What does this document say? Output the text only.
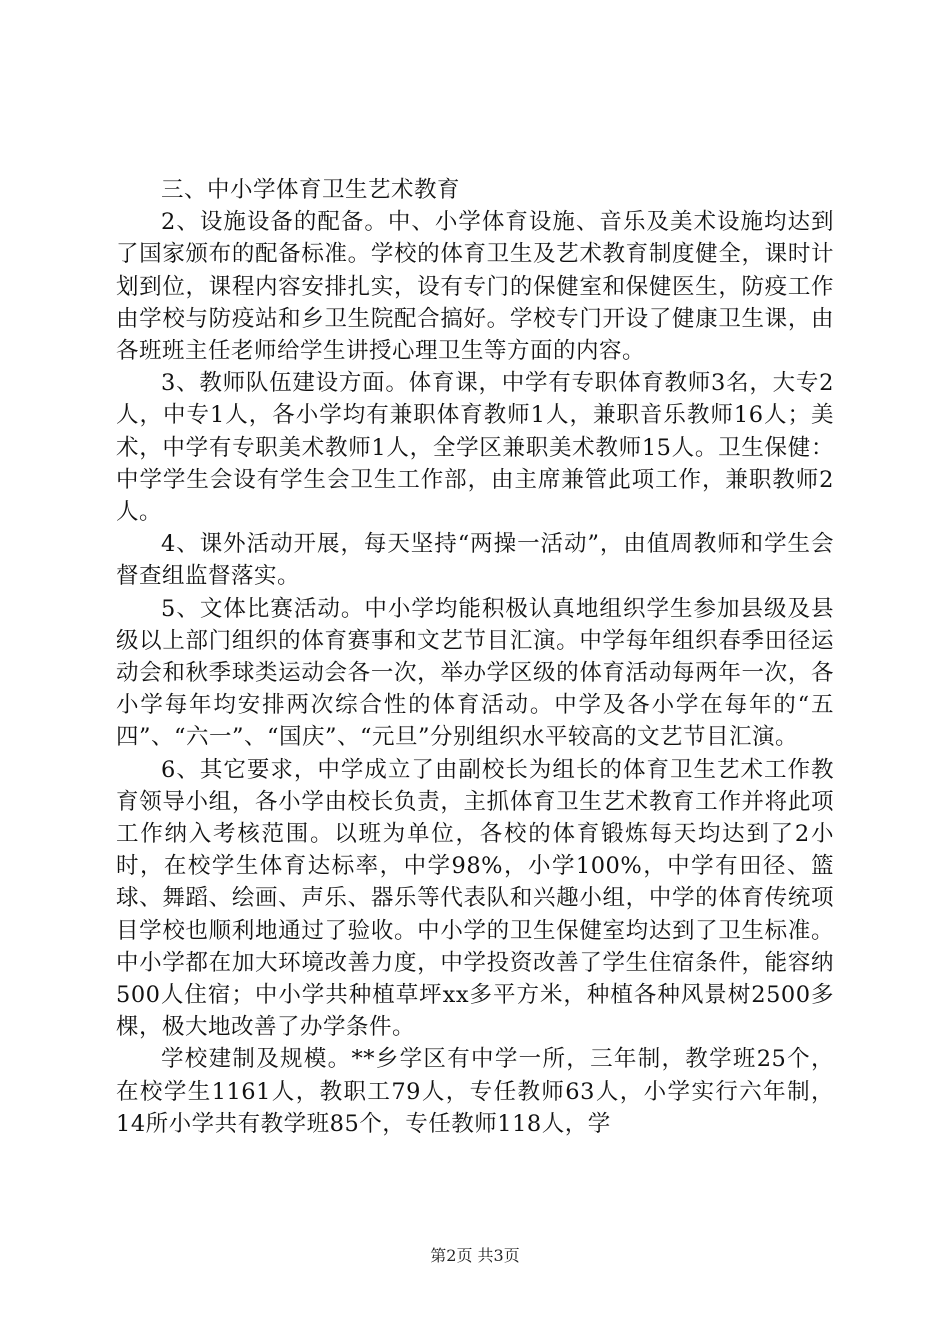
三、中小学体育卫生艺术教育

2、设施设备的配备。中、小学体育设施、音乐及美术设施均达到了国家颁布的配备标准。学校的体育卫生及艺术教育制度健全，课时计划到位，课程内容安排扎实，设有专门的保健室和保健医生，防疫工作由学校与防疫站和乡卫生院配合搞好。学校专门开设了健康卫生课，由各班班主任老师给学生讲授心理卫生等方面的内容。

3、教师队伍建设方面。体育课，中学有专职体育教师3名，大专2人，中专1人，各小学均有兼职体育教师1人，兼职音乐教师16人；美术，中学有专职美术教师1人，全学区兼职美术教师15人。卫生保健：中学学生会设有学生会卫生工作部，由主席兼管此项工作，兼职教师2人。

4、课外活动开展，每天坚持“两操一活动”，由值周教师和学生会督查组监督落实。

5、文体比赛活动。中小学均能积极认真地组织学生参加县级及县级以上部门组织的体育赛事和文艺节目汇演。中学每年组织春季田径运动会和秋季球类运动会各一次，举办学区级的体育活动每两年一次，各小学每年均安排两次综合性的体育活动。中学及各小学在每年的“五四”、“六一”、“国庆”、“元旦”分别组织水平较高的文艺节目汇演。

6、其它要求，中学成立了由副校长为组长的体育卫生艺术工作教育领导小组，各小学由校长负责，主抓体育卫生艺术教育工作并将此项工作纳入考核范围。以班为单位，各校的体育锻炼每天均达到了2小时，在校学生体育达标率，中学98%，小学100%，中学有田径、篮球、舞蹈、绘画、声乐、器乐等代表队和兴趣小组，中学的体育传统项目学校也顺利地通过了验收。中小学的卫生保健室均达到了卫生标准。中小学都在加大环境改善力度，中学投资改善了学生住宿条件，能容纳500人住宿；中小学共种植草坪xx多平方米，种植各种风景树2500多棵，极大地改善了办学条件。

学校建制及规模。**乡学区有中学一所，三年制，教学班25个，在校学生1161人，教职工79人，专任教师63人，小学实行六年制，14所小学共有教学班85个，专任教师118人，学

第2页 共3页
